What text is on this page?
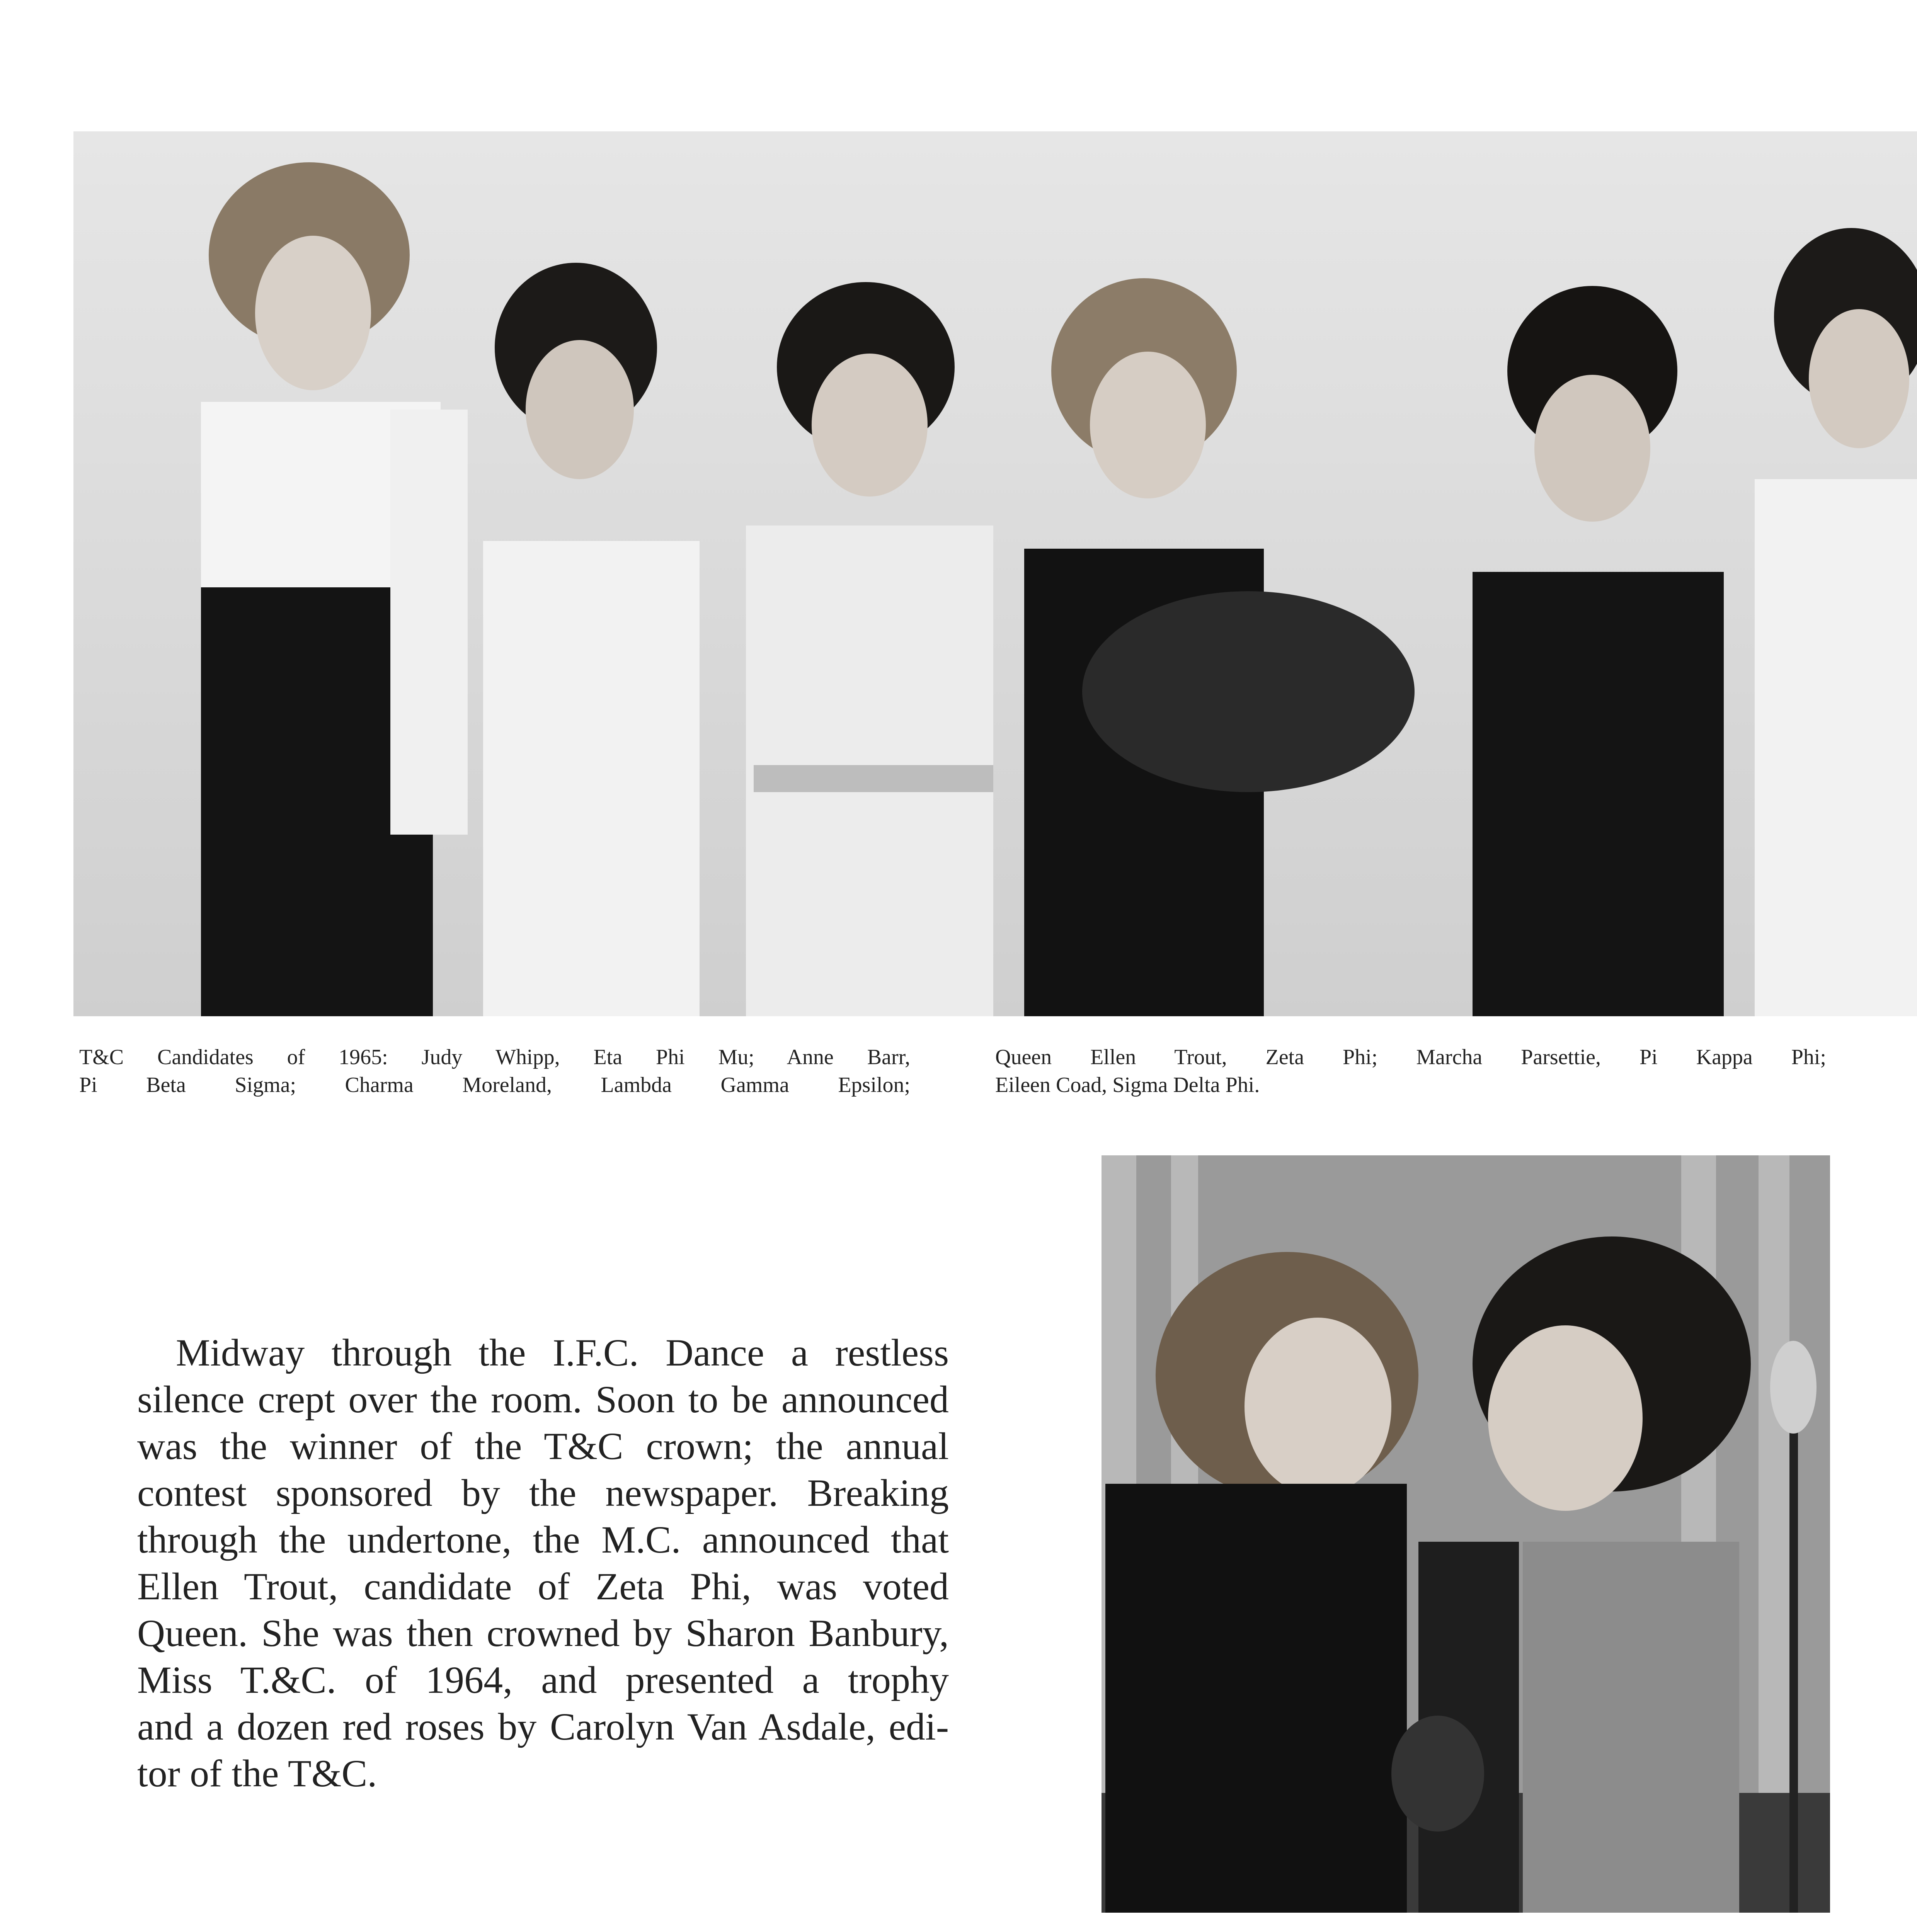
T&C Candidates of 1965: Judy Whipp, Eta Phi Mu; Anne Barr,
Pi Beta Sigma; Charma Moreland, Lambda Gamma Epsilon;
Queen Ellen Trout, Zeta Phi; Marcha Parsettie, Pi Kappa Phi;
Eileen Coad, Sigma Delta Phi.
Midway through the I.F.C. Dance a restless
silence crept over the room. Soon to be announced
was the winner of the T&C crown; the annual
contest sponsored by the newspaper. Breaking
through the undertone, the M.C. announced that
Ellen Trout, candidate of Zeta Phi, was voted
Queen. She was then crowned by Sharon Banbury,
Miss T.&C. of 1964, and presented a trophy
and a dozen red roses by Carolyn Van Asdale, edi-
tor of the T&C.
